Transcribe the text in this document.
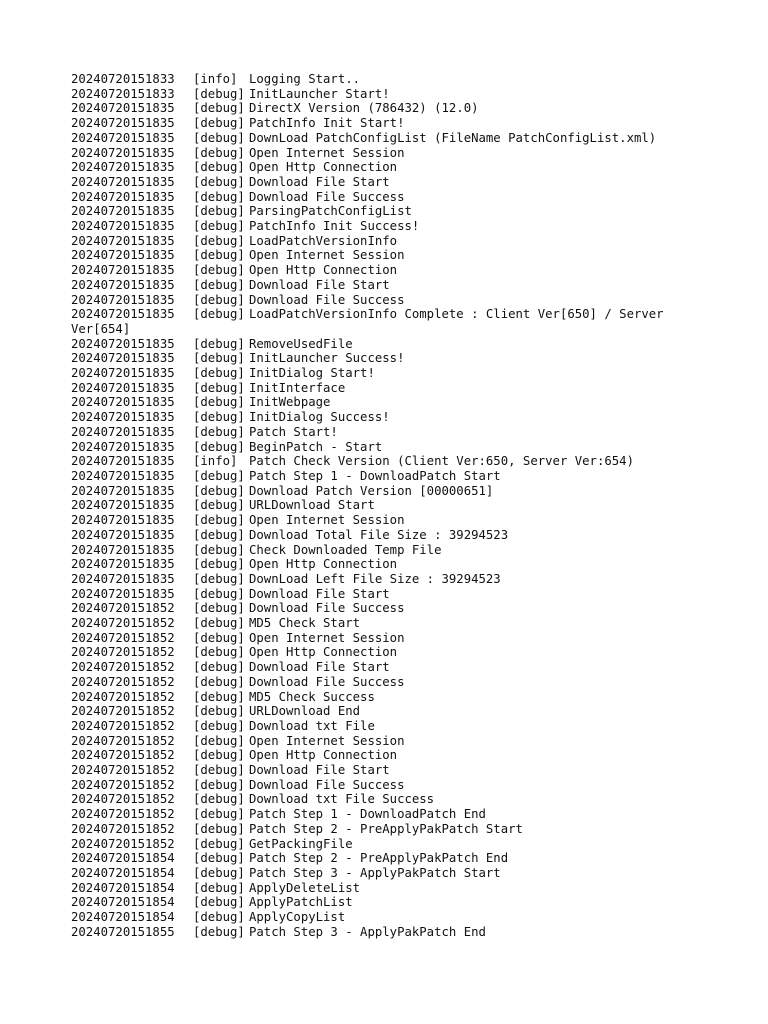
20240720151833 [info] Logging Start..
20240720151833 [debug] InitLauncher Start!
20240720151835 [debug] DirectX Version (786432) (12.0)
20240720151835 [debug] PatchInfo Init Start!
20240720151835 [debug] DownLoad PatchConfigList (FileName PatchConfigList.xml)
20240720151835 [debug] Open Internet Session
20240720151835 [debug] Open Http Connection
20240720151835 [debug] Download File Start
20240720151835 [debug] Download File Success
20240720151835 [debug] ParsingPatchConfigList
20240720151835 [debug] PatchInfo Init Success!
20240720151835 [debug] LoadPatchVersionInfo
20240720151835 [debug] Open Internet Session
20240720151835 [debug] Open Http Connection
20240720151835 [debug] Download File Start
20240720151835 [debug] Download File Success
20240720151835 [debug] LoadPatchVersionInfo Complete : Client Ver[650] / Server Ver[654]
20240720151835 [debug] RemoveUsedFile
20240720151835 [debug] InitLauncher Success!
20240720151835 [debug] InitDialog Start!
20240720151835 [debug] InitInterface
20240720151835 [debug] InitWebpage
20240720151835 [debug] InitDialog Success!
20240720151835 [debug] Patch Start!
20240720151835 [debug] BeginPatch - Start
20240720151835 [info] Patch Check Version (Client Ver:650, Server Ver:654)
20240720151835 [debug] Patch Step 1 - DownloadPatch Start
20240720151835 [debug] Download Patch Version [00000651]
20240720151835 [debug] URLDownload Start
20240720151835 [debug] Open Internet Session
20240720151835 [debug] Download Total File Size : 39294523
20240720151835 [debug] Check Downloaded Temp File
20240720151835 [debug] Open Http Connection
20240720151835 [debug] DownLoad Left File Size : 39294523
20240720151835 [debug] Download File Start
20240720151852 [debug] Download File Success
20240720151852 [debug] MD5 Check Start
20240720151852 [debug] Open Internet Session
20240720151852 [debug] Open Http Connection
20240720151852 [debug] Download File Start
20240720151852 [debug] Download File Success
20240720151852 [debug] MD5 Check Success
20240720151852 [debug] URLDownload End
20240720151852 [debug] Download txt File
20240720151852 [debug] Open Internet Session
20240720151852 [debug] Open Http Connection
20240720151852 [debug] Download File Start
20240720151852 [debug] Download File Success
20240720151852 [debug] Download txt File Success
20240720151852 [debug] Patch Step 1 - DownloadPatch End
20240720151852 [debug] Patch Step 2 - PreApplyPakPatch Start
20240720151852 [debug] GetPackingFile
20240720151854 [debug] Patch Step 2 - PreApplyPakPatch End
20240720151854 [debug] Patch Step 3 - ApplyPakPatch Start
20240720151854 [debug] ApplyDeleteList
20240720151854 [debug] ApplyPatchList
20240720151854 [debug] ApplyCopyList
20240720151855 [debug] Patch Step 3 - ApplyPakPatch End
